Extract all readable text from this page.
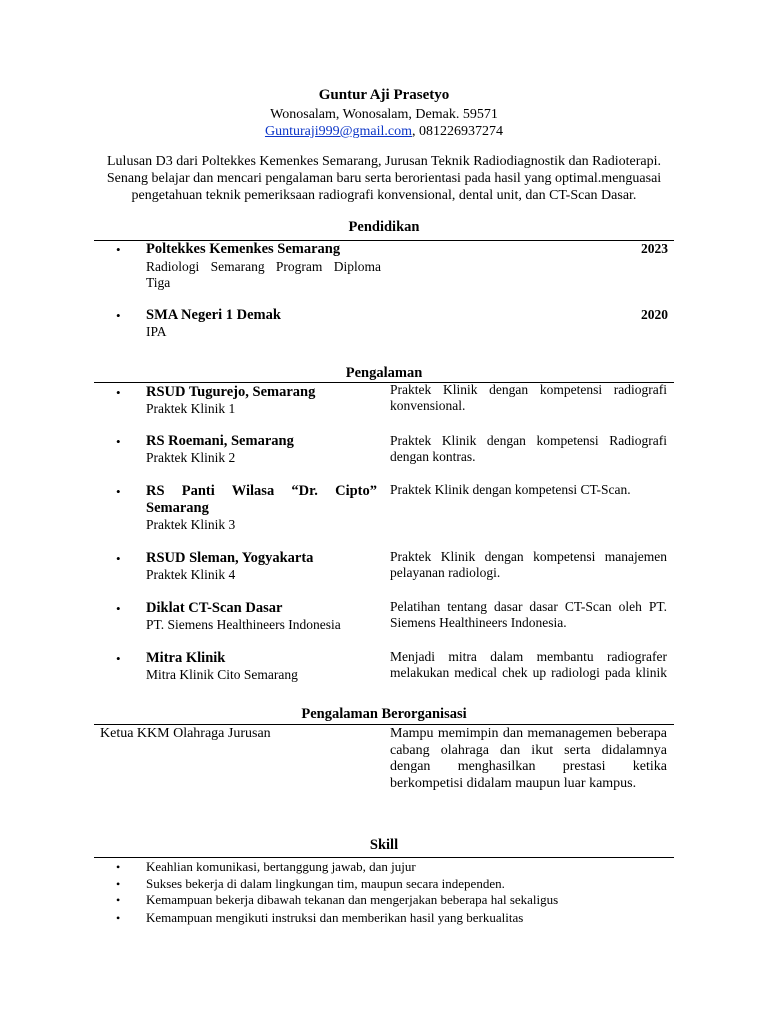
Guntur Aji Prasetyo
Wonosalam, Wonosalam, Demak. 59571
Gunturaji999@gmail.com, 081226937274
Lulusan D3 dari Poltekkes Kemenkes Semarang, Jurusan Teknik Radiodiagnostik dan Radioterapi. Senang belajar dan mencari pengalaman baru serta berorientasi pada hasil yang optimal.menguasai pengetahuan teknik pemeriksaan radiografi konvensional, dental unit, dan CT-Scan Dasar.
Pendidikan
• Poltekkes Kemenkes Semarang
Radiologi Semarang Program Diploma Tiga
2023
• SMA Negeri 1 Demak
IPA
2020
Pengalaman
• RSUD Tugurejo, Semarang
Praktek Klinik 1
Praktek Klinik dengan kompetensi radiografi konvensional.
• RS Roemani, Semarang
Praktek Klinik 2
Praktek Klinik dengan kompetensi Radiografi dengan kontras.
• RS Panti Wilasa “Dr. Cipto”
Semarang
Praktek Klinik 3
Praktek Klinik dengan kompetensi CT-Scan.
• RSUD Sleman, Yogyakarta
Praktek Klinik 4
Praktek Klinik dengan kompetensi manajemen pelayanan radiologi.
• Diklat CT-Scan Dasar
PT. Siemens Healthineers Indonesia
Pelatihan tentang dasar dasar CT-Scan oleh PT. Siemens Healthineers Indonesia.
• Mitra Klinik
Mitra Klinik Cito Semarang
Menjadi mitra dalam membantu radiografer melakukan medical chek up radiologi pada klinik
Pengalaman Berorganisasi
Ketua KKM Olahraga Jurusan	Mampu memimpin dan memanagemen beberapa cabang olahraga dan ikut serta didalamnya dengan menghasilkan prestasi ketika berkompetisi didalam maupun luar kampus.
Skill
• Keahlian komunikasi, bertanggung jawab, dan jujur
• Sukses bekerja di dalam lingkungan tim, maupun secara independen.
• Kemampuan bekerja dibawah tekanan dan mengerjakan beberapa hal sekaligus
• Kemampuan mengikuti instruksi dan memberikan hasil yang berkualitas
